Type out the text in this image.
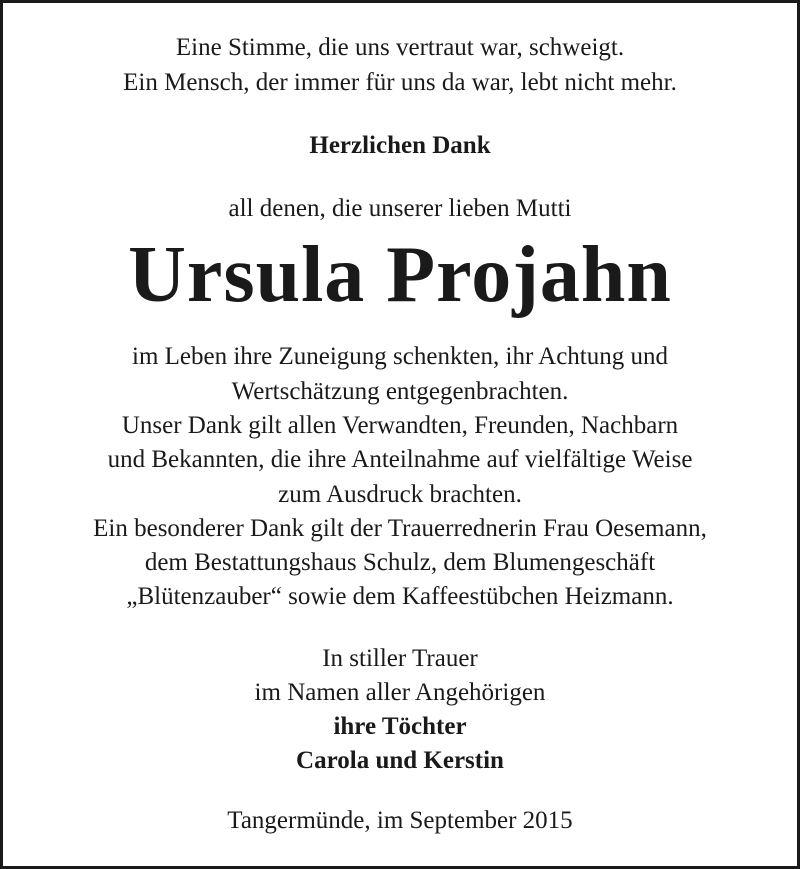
Eine Stimme, die uns vertraut war, schweigt.
Ein Mensch, der immer für uns da war, lebt nicht mehr.
Herzlichen Dank
all denen, die unserer lieben Mutti
Ursula Projahn
im Leben ihre Zuneigung schenkten, ihr Achtung und
Wertschätzung entgegenbrachten.
Unser Dank gilt allen Verwandten, Freunden, Nachbarn
und Bekannten, die ihre Anteilnahme auf vielfältige Weise
zum Ausdruck brachten.
Ein besonderer Dank gilt der Trauerrednerin Frau Oesemann,
dem Bestattungshaus Schulz, dem Blumengeschäft
„Blütenzauber“ sowie dem Kaffeestübchen Heizmann.
In stiller Trauer
im Namen aller Angehörigen
ihre Töchter
Carola und Kerstin
Tangermünde, im September 2015
